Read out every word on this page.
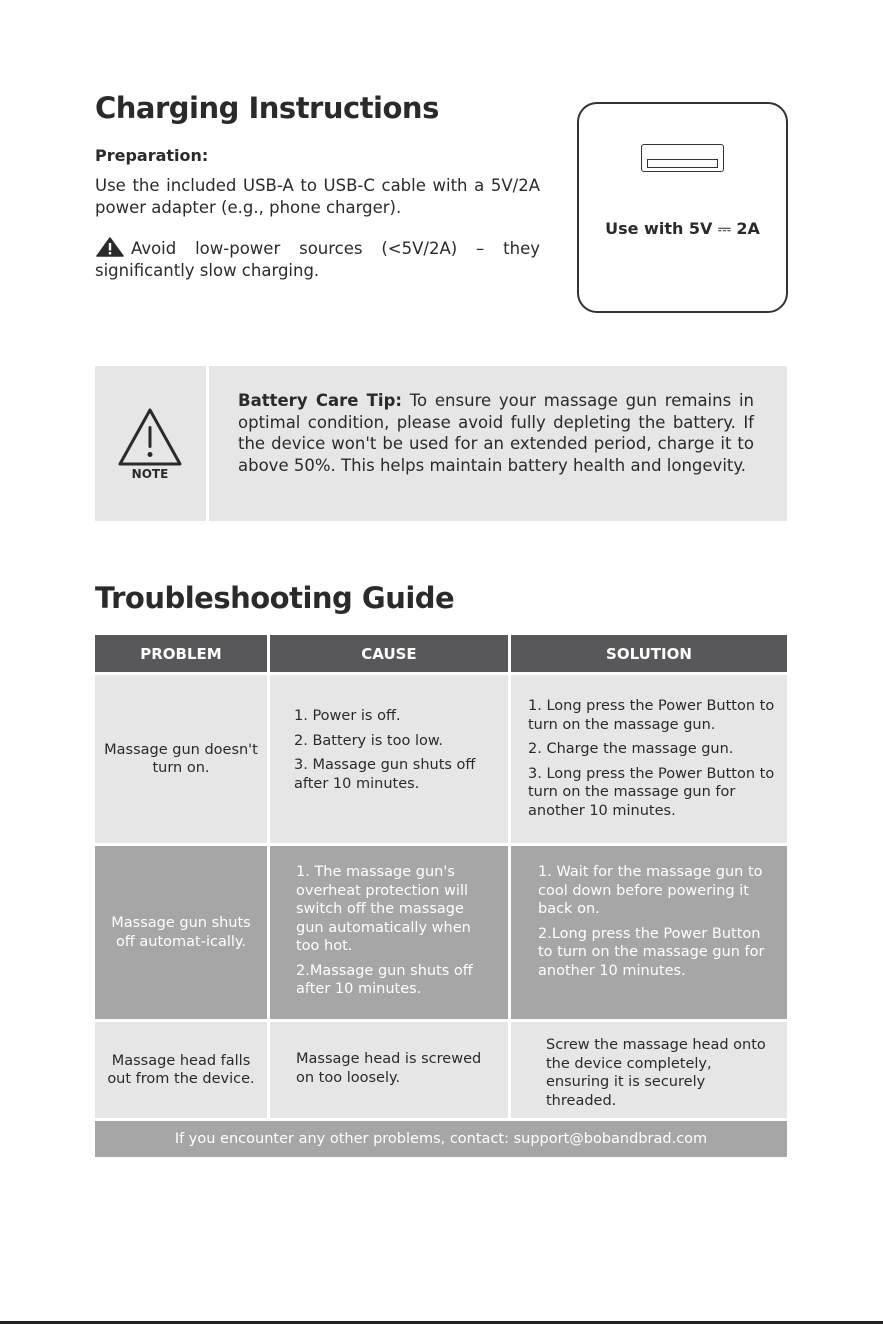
Charging Instructions
Preparation:
Use the included USB-A to USB-C cable with a 5V/2A power adapter (e.g., phone charger).
Avoid low-power sources (<5V/2A) – they significantly slow charging.
Use with 5V ⎓ 2A
NOTE
Battery Care Tip: To ensure your massage gun remains in optimal condition, please avoid fully depleting the battery. If the device won't be used for an extended period, charge it to above 50%. This helps maintain battery health and longevity.
Troubleshooting Guide
PROBLEM	CAUSE	SOLUTION
Massage gun doesn't turn on.

1. Power is off.

2. Battery is too low.

3. Massage gun shuts off after 10 minutes.

1. Long press the Power Button to turn on the massage gun.

2. Charge the massage gun.

3. Long press the Power Button to turn on the massage gun for another 10 minutes.

Massage gun shuts off automat-ically.

1. The massage gun's overheat protection will switch off the massage gun automatically when too hot.

2.Massage gun shuts off after 10 minutes.

1. Wait for the massage gun to cool down before powering it back on.

2.Long press the Power Button to turn on the massage gun for another 10 minutes.

Massage head falls out from the device.

Massage head is screwed on too loosely.

Screw the massage head onto the device completely, ensuring it is securely threaded.

If you encounter any other problems, contact: support@bobandbrad.com
